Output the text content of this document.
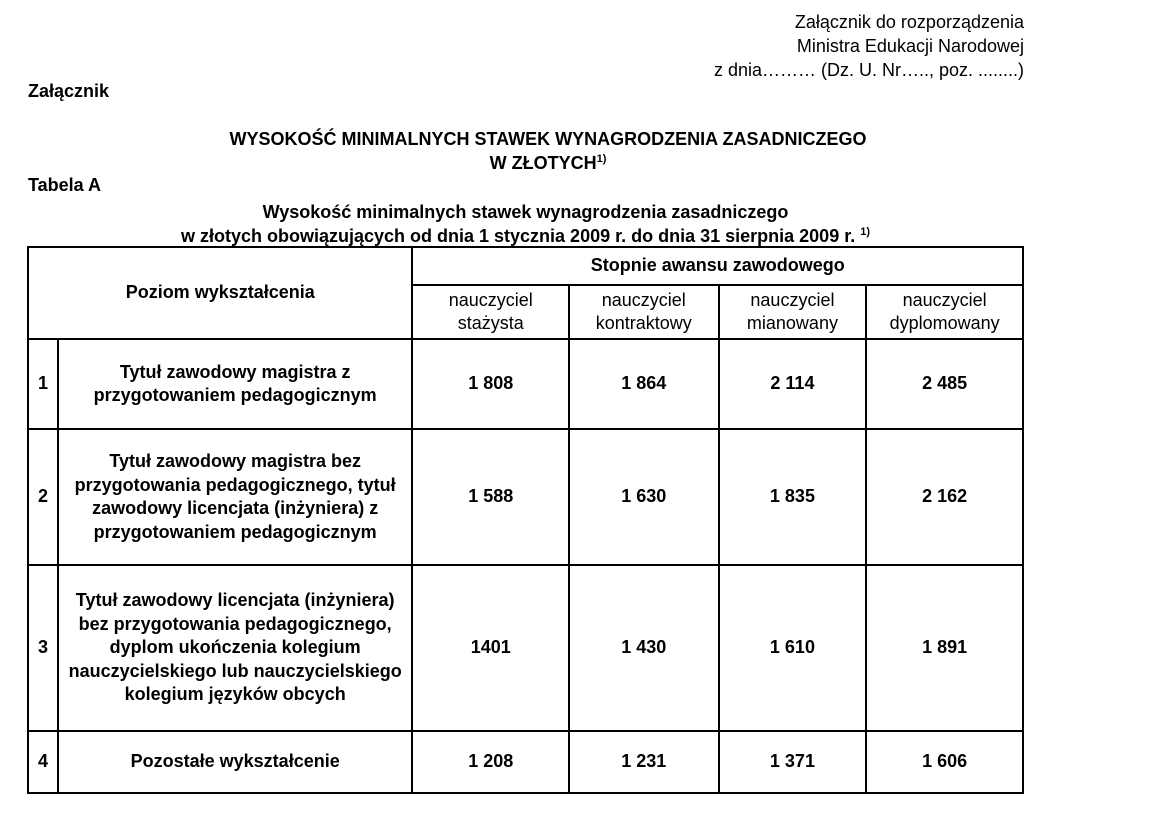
Załącznik do rozporządzenia
Ministra Edukacji Narodowej
z dnia……… (Dz. U. Nr….., poz. ........)
Załącznik
WYSOKOŚĆ MINIMALNYCH STAWEK WYNAGRODZENIA ZASADNICZEGO
W ZŁOTYCH$^{1)}$
Tabela A
Wysokość minimalnych stawek wynagrodzenia zasadniczego
w złotych obowiązujących od dnia 1 stycznia 2009 r. do dnia 31 sierpnia 2009 r. $^{1)}$
Poziom wykształcenia		Stopnie awansu zawodowego			
		nauczyciel stażysta	nauczyciel kontraktowy	nauczyciel mianowany	nauczyciel dyplomowany
1	Tytuł zawodowy magistra z przygotowaniem pedagogicznym	1 808	1 864	2 114	2 485
2	Tytuł zawodowy magistra bez przygotowania pedagogicznego, tytuł zawodowy licencjata (inżyniera) z przygotowaniem pedagogicznym	1 588	1 630	1 835	2 162
3	Tytuł zawodowy licencjata (inżyniera) bez przygotowania pedagogicznego, dyplom ukończenia kolegium nauczycielskiego lub nauczycielskiego kolegium języków obcych	1401	1 430	1 610	1 891
4	Pozostałe wykształcenie	1 208	1 231	1 371	1 606
